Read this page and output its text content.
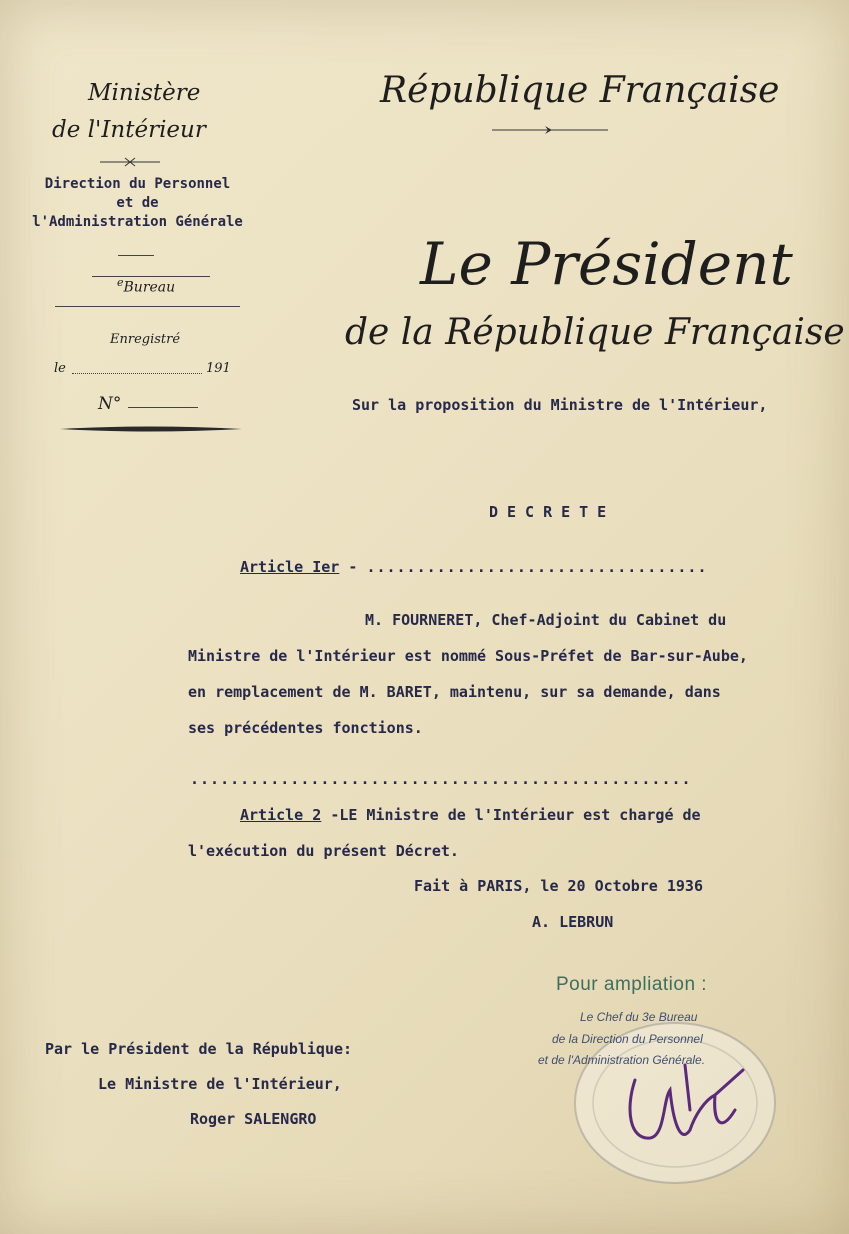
Ministère
de l'Intérieur
Direction du Personnel
et de
l'Administration Générale
$^e$Bureau
Enregistré
le	191
N°
République Française
Le Président
de la République Française
Sur la proposition du Ministre de l'Intérieur,
DECRETE
Article Ier - ..................................
M. FOURNERET, Chef-Adjoint du Cabinet du
Ministre de l'Intérieur est nommé Sous-Préfet de Bar-sur-Aube,
en remplacement de M. BARET, maintenu, sur sa demande, dans
ses précédentes fonctions.
..................................................
Article 2 -LE Ministre de l'Intérieur est chargé de
l'exécution du présent Décret.
Fait à PARIS, le 20 Octobre 1936
A. LEBRUN
Par le Président de la République:
Le Ministre de l'Intérieur,
Roger SALENGRO
Pour ampliation :
Le Chef du 3e Bureau
de la Direction du Personnel
et de l'Administration Générale.
